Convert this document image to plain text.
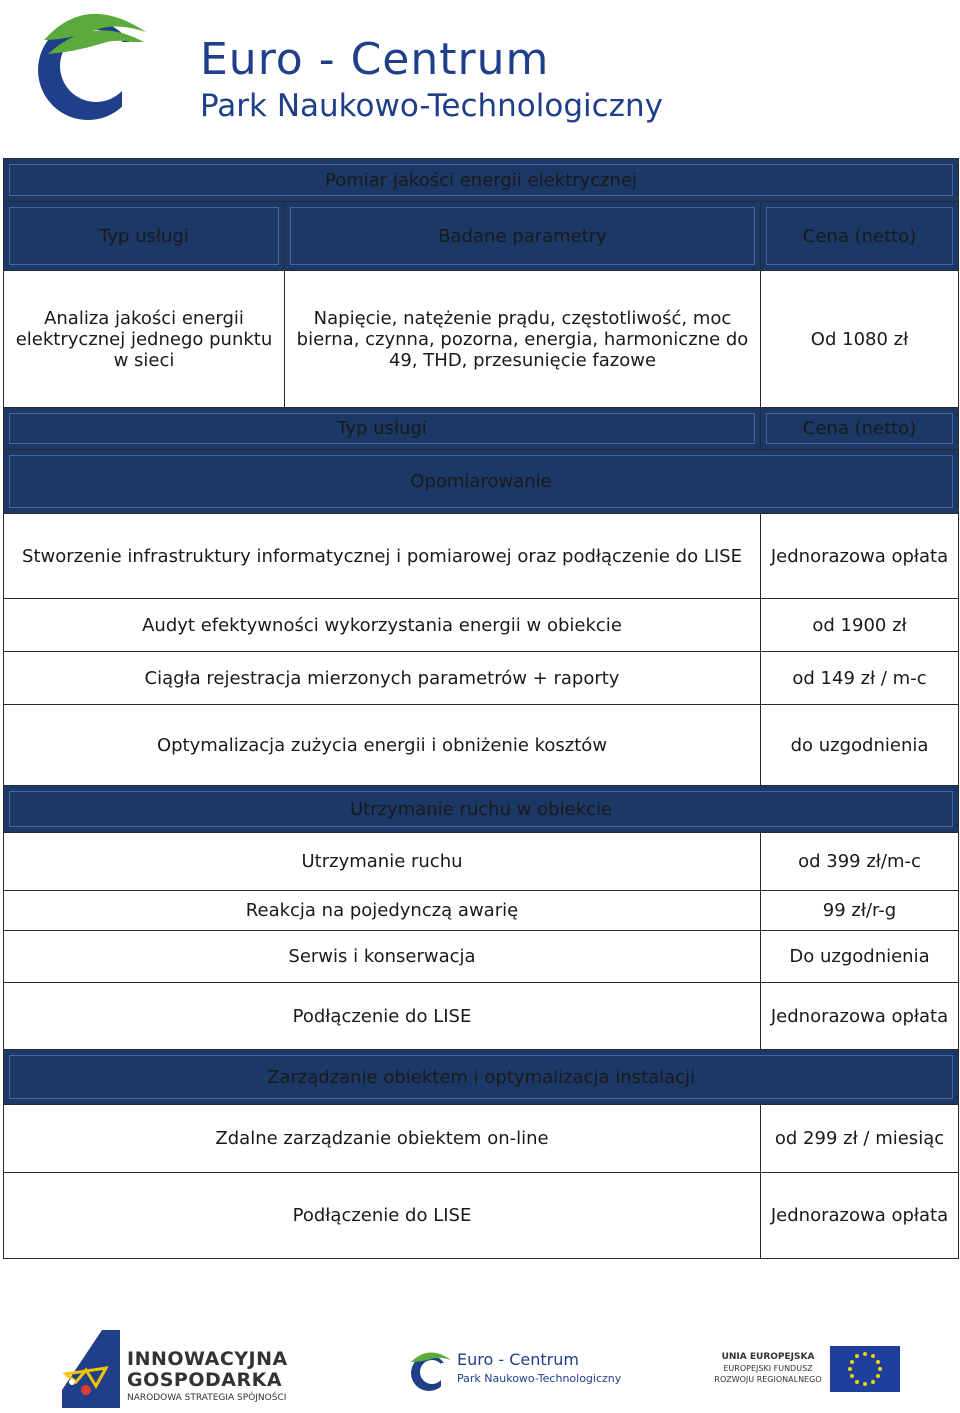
Euro - Centrum
Park Naukowo-Technologiczny
Pomiar jakości energii elektrycznej		
Typ usługi	Badane parametry	Cena (netto)
Analiza jakości energii elektrycznej jednego punktu w sieci	Napięcie, natężenie prądu, częstotliwość, moc bierna, czynna, pozorna, energia, harmoniczne do 49, THD, przesunięcie fazowe	Od 1080 zł
Typ usługi		Cena (netto)
Opomiarowanie		
Stworzenie infrastruktury informatycznej i pomiarowej oraz podłączenie do LISE		Jednorazowa opłata
Audyt efektywności wykorzystania energii w obiekcie		od 1900 zł
Ciągła rejestracja mierzonych parametrów + raporty		od 149 zł / m-c
Optymalizacja zużycia energii i obniżenie kosztów		do uzgodnienia
Utrzymanie ruchu w obiekcie		
Utrzymanie ruchu		od 399 zł/m-c
Reakcja na pojedynczą awarię		99 zł/r-g
Serwis i konserwacja		Do uzgodnienia
Podłączenie do LISE		Jednorazowa opłata
Zarządzanie obiektem i optymalizacja instalacji		
Zdalne zarządzanie obiektem on-line		od 299 zł / miesiąc
Podłączenie do LISE		Jednorazowa opłata
INNOWACYJNA
GOSPODARKA
NARODOWA STRATEGIA SPÓJNOŚCI
Euro - Centrum
Park Naukowo-Technologiczny
UNIA EUROPEJSKA
EUROPEJSKI FUNDUSZ
ROZWOJU REGIONALNEGO
